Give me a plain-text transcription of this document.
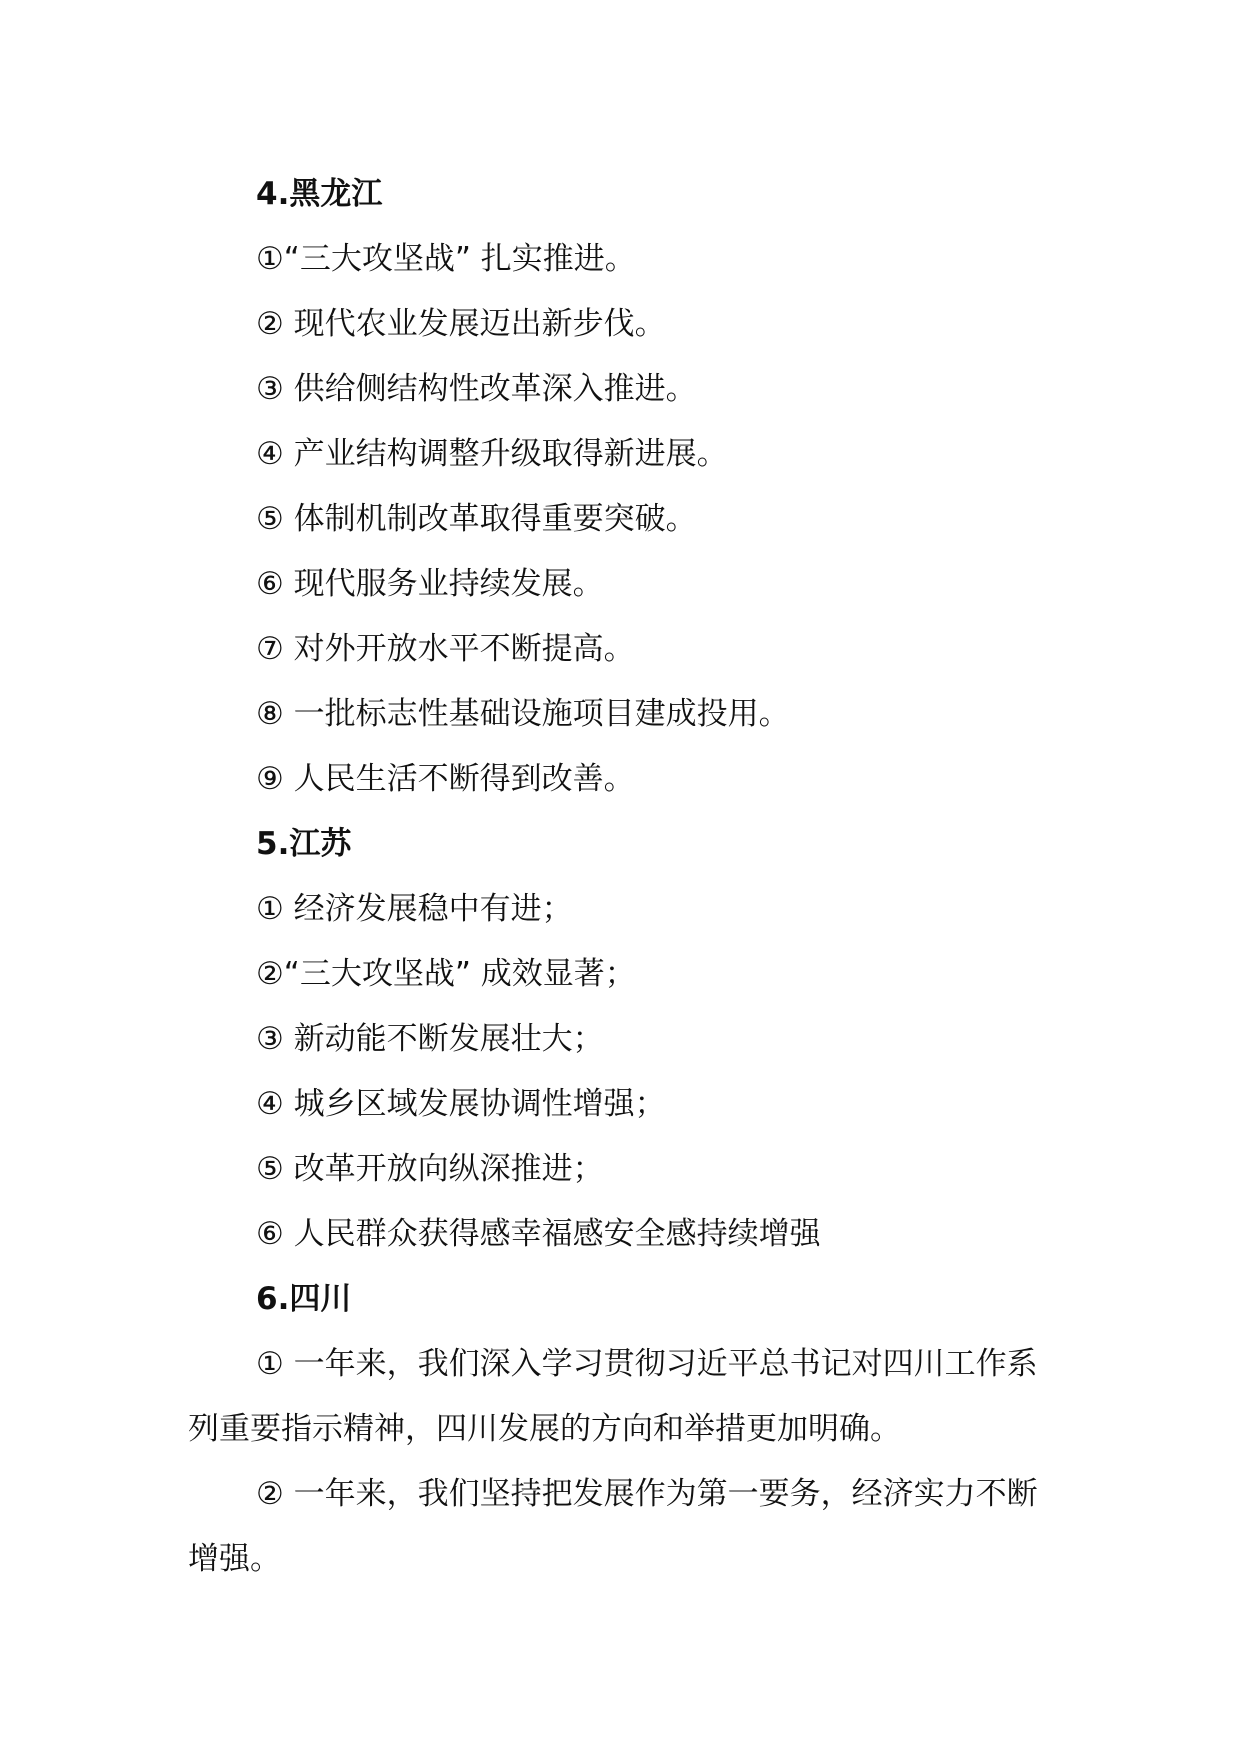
4.黑龙江

①“三大攻坚战” 扎实推进。

② 现代农业发展迈出新步伐。

③ 供给侧结构性改革深入推进。

④ 产业结构调整升级取得新进展。

⑤ 体制机制改革取得重要突破。

⑥ 现代服务业持续发展。

⑦ 对外开放水平不断提高。

⑧ 一批标志性基础设施项目建成投用。

⑨ 人民生活不断得到改善。

5.江苏

① 经济发展稳中有进；

②“三大攻坚战” 成效显著；

③ 新动能不断发展壮大；

④ 城乡区域发展协调性增强；

⑤ 改革开放向纵深推进；

⑥ 人民群众获得感幸福感安全感持续增强

6.四川

① 一年来，我们深入学习贯彻习近平总书记对四川工作系列重要指示精神，四川发展的方向和举措更加明确。

② 一年来，我们坚持把发展作为第一要务，经济实力不断增强。
